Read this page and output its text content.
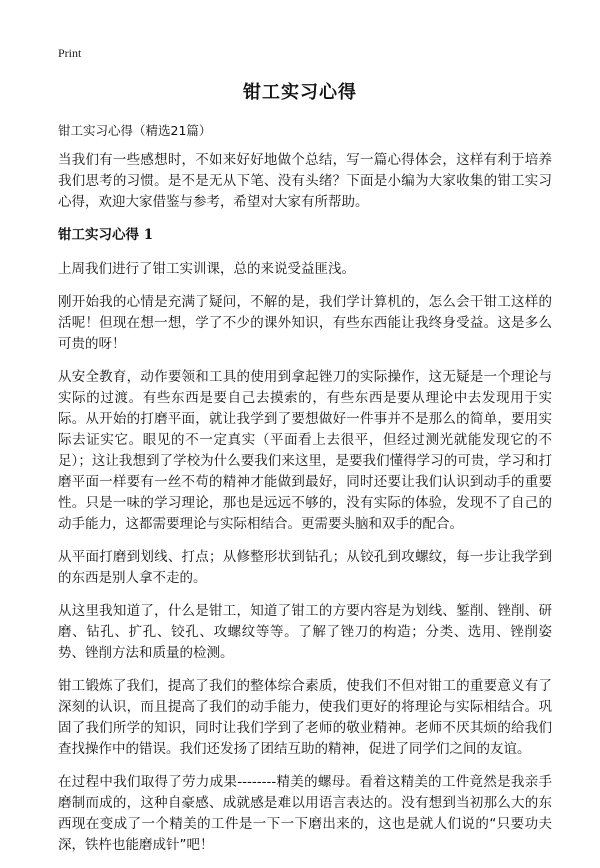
Print
钳工实习心得
钳工实习心得（精选21篇）

当我们有一些感想时，不如来好好地做个总结，写一篇心得体会，这样有利于培养我们思考的习惯。是不是无从下笔、没有头绪？下面是小编为大家收集的钳工实习心得，欢迎大家借鉴与参考，希望对大家有所帮助。

钳工实习心得 1

上周我们进行了钳工实训课，总的来说受益匪浅。

刚开始我的心情是充满了疑问，不解的是，我们学计算机的，怎么会干钳工这样的活呢！但现在想一想，学了不少的课外知识，有些东西能让我终身受益。这是多么可贵的呀！

从安全教育，动作要领和工具的使用到拿起锉刀的实际操作，这无疑是一个理论与实际的过渡。有些东西是要自己去摸索的，有些东西是要从理论中去发现用于实际。从开始的打磨平面，就让我学到了要想做好一件事并不是那么的简单，要用实际去证实它。眼见的不一定真实（平面看上去很平，但经过测光就能发现它的不足）；这让我想到了学校为什么要我们来这里，是要我们懂得学习的可贵，学习和打磨平面一样要有一丝不苟的精神才能做到最好，同时还要让我们认识到动手的重要性。只是一味的学习理论，那也是远远不够的，没有实际的体验，发现不了自己的动手能力，这都需要理论与实际相结合。更需要头脑和双手的配合。

从平面打磨到划线、打点；从修整形状到钻孔；从铰孔到攻螺纹，每一步让我学到的东西是别人拿不走的。

从这里我知道了，什么是钳工，知道了钳工的方要内容是为划线、錾削、锉削、研磨、钻孔、扩孔、铰孔、攻螺纹等等。了解了锉刀的构造；分类、选用、锉削姿势、锉削方法和质量的检测。

钳工锻炼了我们，提高了我们的整体综合素质，使我们不但对钳工的重要意义有了深刻的认识，而且提高了我们的动手能力，使我们更好的将理论与实际相结合。巩固了我们所学的知识，同时让我们学到了老师的敬业精神。老师不厌其烦的给我们查找操作中的错误。我们还发扬了团结互助的精神，促进了同学们之间的友谊。

在过程中我们取得了劳力成果--------精美的螺母。看着这精美的工件竟然是我亲手磨制而成的，这种自豪感、成就感是难以用语言表达的。没有想到当初那么大的东西现在变成了一个精美的工件是一下一下磨出来的，这也是就人们说的“只要功夫深，铁杵也能磨成针”吧！
